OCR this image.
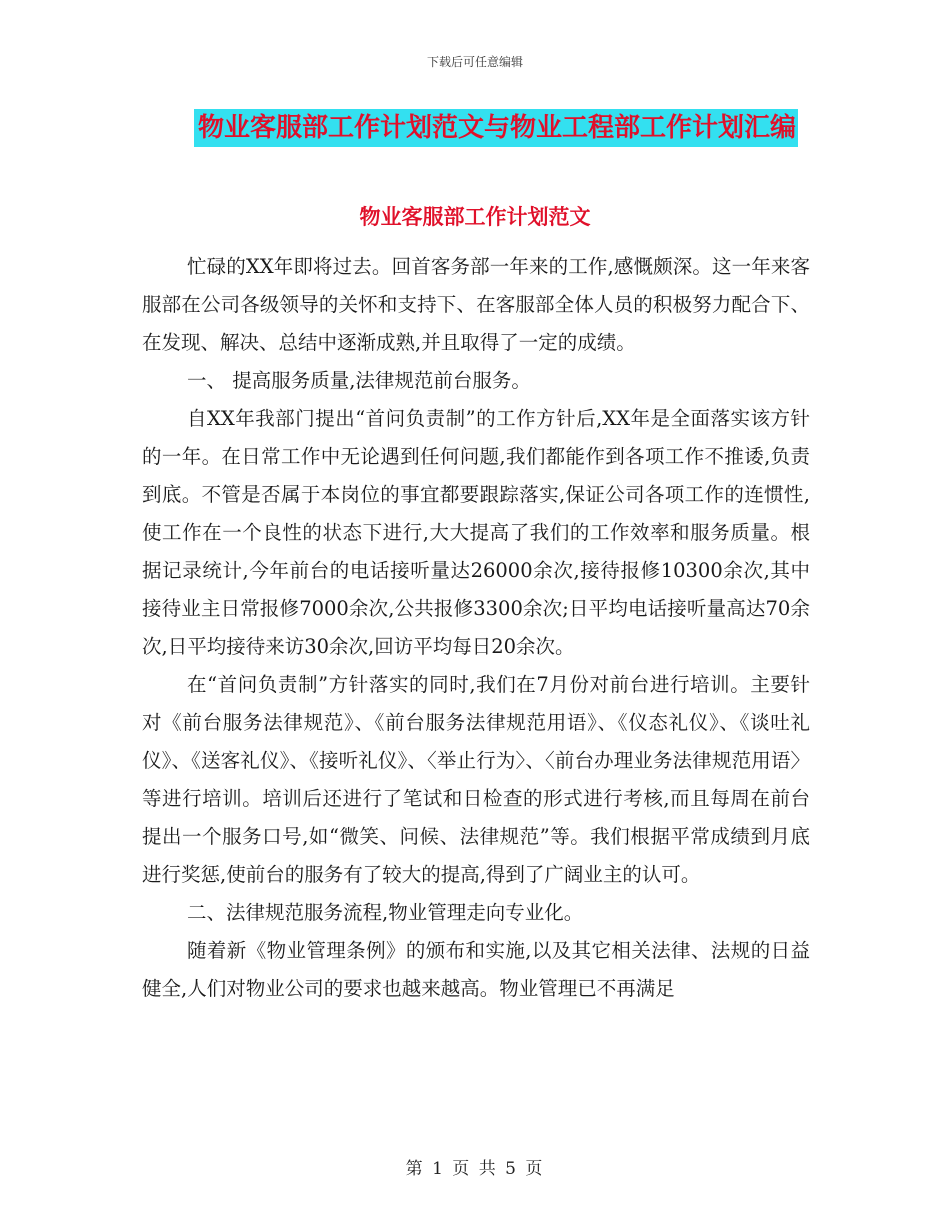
下载后可任意编辑
物业客服部工作计划范文与物业工程部工作计划汇编
物业客服部工作计划范文

忙碌的XX年即将过去。回首客务部一年来的工作,感慨颇深。这一年来客服部在公司各级领导的关怀和支持下、在客服部全体人员的积极努力配合下、在发现、解决、总结中逐渐成熟,并且取得了一定的成绩。

一、 提高服务质量,法律规范前台服务。

自XX年我部门提出“首问负责制”的工作方针后,XX年是全面落实该方针的一年。在日常工作中无论遇到任何问题,我们都能作到各项工作不推诿,负责到底。不管是否属于本岗位的事宜都要跟踪落实,保证公司各项工作的连惯性,使工作在一个良性的状态下进行,大大提高了我们的工作效率和服务质量。根据记录统计,今年前台的电话接听量达26000余次,接待报修10300余次,其中接待业主日常报修7000余次,公共报修3300余次;日平均电话接听量高达70余次,日平均接待来访30余次,回访平均每日20余次。

在“首问负责制”方针落实的同时,我们在7月份对前台进行培训。主要针对《前台服务法律规范》、《前台服务法律规范用语》、《仪态礼仪》、《谈吐礼仪》、《送客礼仪》、《接听礼仪》、〈举止行为〉、〈前台办理业务法律规范用语〉等进行培训。培训后还进行了笔试和日检查的形式进行考核,而且每周在前台提出一个服务口号,如“微笑、问候、法律规范”等。我们根据平常成绩到月底进行奖惩,使前台的服务有了较大的提高,得到了广阔业主的认可。

二、法律规范服务流程,物业管理走向专业化。

随着新《物业管理条例》的颁布和实施,以及其它相关法律、法规的日益健全,人们对物业公司的要求也越来越高。物业管理已不再满足

第 1 页 共 5 页
